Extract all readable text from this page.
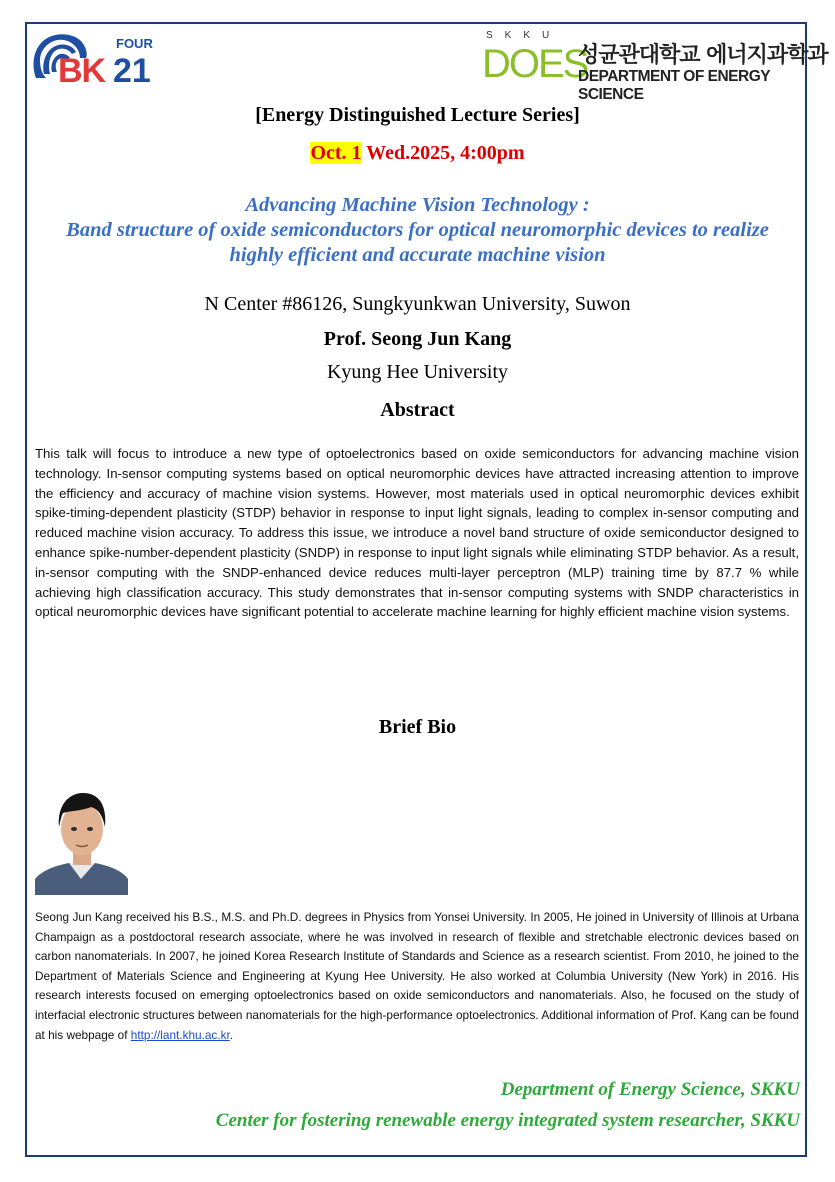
FOUR
BK 21
SKKU
DOES
성균관대학교 에너지과학과
DEPARTMENT OF ENERGY SCIENCE
[Energy Distinguished Lecture Series]
Oct. 1 Wed.2025, 4:00pm
Advancing Machine Vision Technology :
Band structure of oxide semiconductors for optical neuromorphic devices to realize
highly efficient and accurate machine vision
N Center #86126, Sungkyunkwan University, Suwon
Prof. Seong Jun Kang
Kyung Hee University
Abstract
This talk will focus to introduce a new type of optoelectronics based on oxide semiconductors for advancing machine vision technology. In-sensor computing systems based on optical neuromorphic devices have attracted increasing attention to improve the efficiency and accuracy of machine vision systems. However, most materials used in optical neuromorphic devices exhibit spike-timing-dependent plasticity (STDP) behavior in response to input light signals, leading to complex in-sensor computing and reduced machine vision accuracy. To address this issue, we introduce a novel band structure of oxide semiconductor designed to enhance spike-number-dependent plasticity (SNDP) in response to input light signals while eliminating STDP behavior. As a result, in-sensor computing with the SNDP-enhanced device reduces multi-layer perceptron (MLP) training time by 87.7 % while achieving high classification accuracy. This study demonstrates that in-sensor computing systems with SNDP characteristics in optical neuromorphic devices have significant potential to accelerate machine learning for highly efficient machine vision systems.
Brief Bio
Seong Jun Kang received his B.S., M.S. and Ph.D. degrees in Physics from Yonsei University. In 2005, He joined in University of Illinois at Urbana Champaign as a postdoctoral research associate, where he was involved in research of flexible and stretchable electronic devices based on carbon nanomaterials. In 2007, he joined Korea Research Institute of Standards and Science as a research scientist. From 2010, he joined to the Department of Materials Science and Engineering at Kyung Hee University. He also worked at Columbia University (New York) in 2016. His research interests focused on emerging optoelectronics based on oxide semiconductors and nanomaterials. Also, he focused on the study of interfacial electronic structures between nanomaterials for the high-performance optoelectronics. Additional information of Prof. Kang can be found at his webpage of http://lant.khu.ac.kr.
Department of Energy Science, SKKU
Center for fostering renewable energy integrated system researcher, SKKU
